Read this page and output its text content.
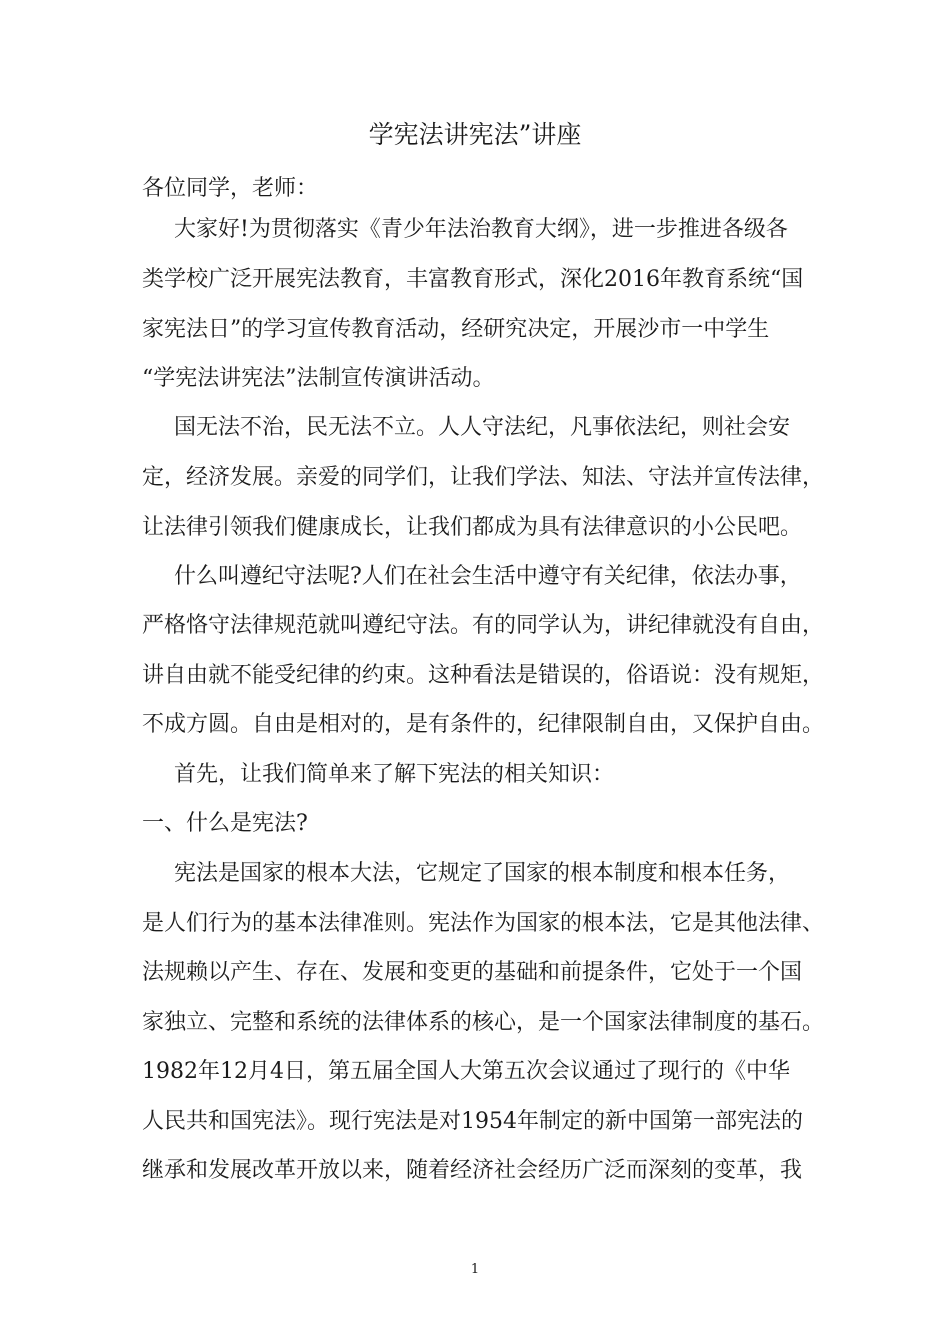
学宪法讲宪法”讲座
各位同学，老师：
大家好!为贯彻落实《青少年法治教育大纲》，进一步推进各级各
类学校广泛开展宪法教育，丰富教育形式，深化2016年教育系统“国
家宪法日”的学习宣传教育活动，经研究决定，开展沙市一中学生
“学宪法讲宪法”法制宣传演讲活动。
国无法不治，民无法不立。人人守法纪，凡事依法纪，则社会安
定，经济发展。亲爱的同学们，让我们学法、知法、守法并宣传法律，
让法律引领我们健康成长，让我们都成为具有法律意识的小公民吧。
什么叫遵纪守法呢?人们在社会生活中遵守有关纪律，依法办事，
严格恪守法律规范就叫遵纪守法。有的同学认为，讲纪律就没有自由，
讲自由就不能受纪律的约束。这种看法是错误的，俗语说：没有规矩，
不成方圆。自由是相对的，是有条件的，纪律限制自由，又保护自由。
首先，让我们简单来了解下宪法的相关知识：
一、什么是宪法?
宪法是国家的根本大法，它规定了国家的根本制度和根本任务，
是人们行为的基本法律准则。宪法作为国家的根本法，它是其他法律、
法规赖以产生、存在、发展和变更的基础和前提条件，它处于一个国
家独立、完整和系统的法律体系的核心，是一个国家法律制度的基石。
1982年12月4日，第五届全国人大第五次会议通过了现行的《中华
人民共和国宪法》。现行宪法是对1954年制定的新中国第一部宪法的
继承和发展改革开放以来，随着经济社会经历广泛而深刻的变革，我
1
